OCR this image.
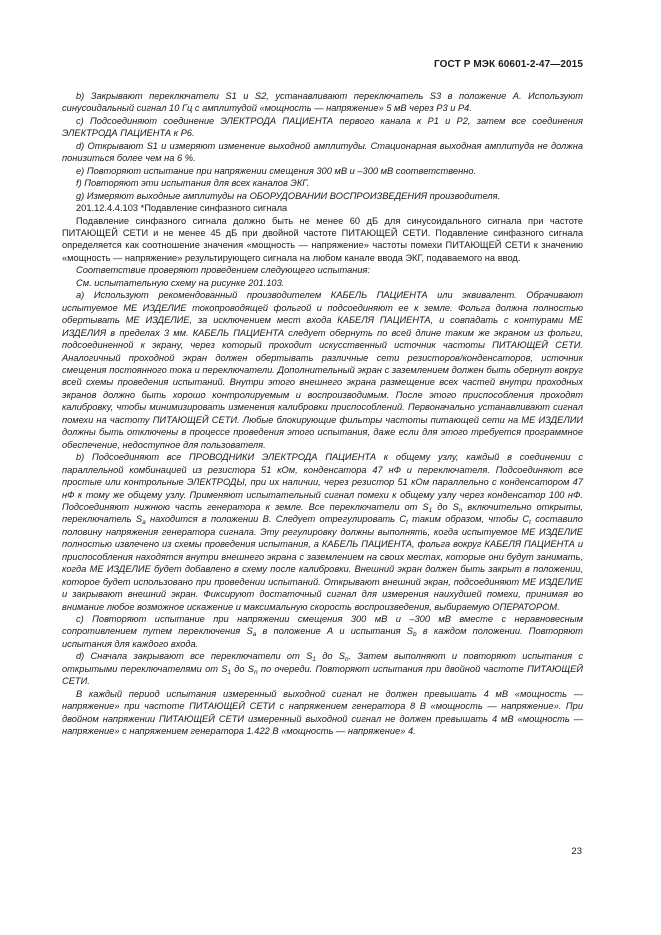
ГОСТ Р МЭК 60601-2-47—2015

b) Закрывают переключатели S1 и S2, устанавливают переключатель S3 в положение А. Используют синусоидальный сигнал 10 Гц с амплитудой «мощность — напряжение» 5 мВ через Р3 и Р4.

с) Подсоединяют соединение ЭЛЕКТРОДА ПАЦИЕНТА первого канала к Р1 и Р2, затем все соединения ЭЛЕКТРОДА ПАЦИЕНТА к Р6.

d) Открывают S1 и измеряют изменение выходной амплитуды. Стационарная выходная амплитуда не должна понизиться более чем на 6 %.

е) Повторяют испытание при напряжении смещения 300 мВ и –300 мВ соответственно.

f) Повторяют эти испытания для всех каналов ЭКГ.

g) Измеряют выходные амплитуды на ОБОРУДОВАНИИ ВОСПРОИЗВЕДЕНИЯ производителя.

201.12.4.4.103 *Подавление синфазного сигнала

Подавление синфазного сигнала должно быть не менее 60 дБ для синусоидального сигнала при частоте ПИТАЮЩЕЙ СЕТИ и не менее 45 дБ при двойной частоте ПИТАЮЩЕЙ СЕТИ. Подавление синфазного сигнала определяется как соотношение значения «мощность — напряжение» частоты помехи ПИТАЮЩЕЙ СЕТИ к значению «мощность — напряжение» результирующего сигнала на любом канале ввода ЭКГ, подаваемого на ввод.

Соответствие проверяют проведением следующего испытания:

См. испытательную схему на рисунке 201.103.

а) Используют рекомендованный производителем КАБЕЛЬ ПАЦИЕНТА или эквивалент. Обрачивают испытуемое МЕ ИЗДЕЛИЕ токопроводящей фольгой и подсоединяют ее к земле. Фольга должна полностью обертывать МЕ ИЗДЕЛИЕ, за исключением мест входа КАБЕЛЯ ПАЦИЕНТА, и совпадать с контурами МЕ ИЗДЕЛИЯ в пределах 3 мм. КАБЕЛЬ ПАЦИЕНТА следует обернуть по всей длине таким же экраном из фольги, подсоединенной к экрану, через который проходит искусственный источник частоты ПИТАЮЩЕЙ СЕТИ. Аналогичный проходной экран должен обертывать различные сети резисторов/конденсаторов, источник смещения постоянного тока и переключатели. Дополнительный экран с заземлением должен быть обернут вокруг всей схемы проведения испытаний. Внутри этого внешнего экрана размещение всех частей внутри проходных экранов должно быть хорошо контролируемым и воспроизводимым. После этого приспособления проходят калибровку, чтобы минимизировать изменения калибровки приспособлений. Первоначально устанавливают сигнал помехи на частоту ПИТАЮЩЕЙ СЕТИ. Любые блокирующие фильтры частоты питающей сети на МЕ ИЗДЕЛИИ должны быть отключены в процессе проведения этого испытания, даже если для этого требуется программное обеспечение, недоступное для пользователя.

b) Подсоединяют все ПРОВОДНИКИ ЭЛЕКТРОДА ПАЦИЕНТА к общему узлу, каждый в соединении с параллельной комбинацией из резистора 51 кОм, конденсатора 47 нФ и переключателя. Подсоединяют все простые или контрольные ЭЛЕКТРОДЫ, при их наличии, через резистор 51 кОм параллельно с конденсатором 47 нФ к тому же общему узлу. Применяют испытательный сигнал помехи к общему узлу через конденсатор 100 нФ. Подсоединяют нижнюю часть генератора к земле. Все переключатели от $S_1$ до $S_n$ включительно открыты, переключатель $S_a$ находится в положении В. Следует отрегулировать $С_t$ таким образом, чтобы $С_t$ составило половину напряжения генератора сигнала. Эту регулировку должны выполнять, когда испытуемое МЕ ИЗДЕЛИЕ полностью извлечено из схемы проведения испытания, а КАБЕЛЬ ПАЦИЕНТА, фольга вокруг КАБЕЛЯ ПАЦИЕНТА и приспособления находятся внутри внешнего экрана с заземлением на своих местах, которые они будут занимать, когда МЕ ИЗДЕЛИЕ будет добавлено в схему после калибровки. Внешний экран должен быть закрыт в положении, которое будет использовано при проведении испытаний. Открывают внешний экран, подсоединяют МЕ ИЗДЕЛИЕ и закрывают внешний экран. Фиксируют достаточный сигнал для измерения наихудшей помехи, принимая во внимание любое возможное искажение и максимальную скорость воспроизведения, выбираемую ОПЕРАТОРОМ.

с) Повторяют испытание при напряжении смещения 300 мВ и –300 мВ вместе с неравновесным сопротивлением путем переключения $S_a$ в положение А и испытания $S_b$ в каждом положении. Повторяют испытания для каждого входа.

d) Сначала закрывают все переключатели от $S_1$ до $S_n$. Затем выполняют и повторяют испытания с открытыми переключателями от $S_1$ до $S_n$ по очереди. Повторяют испытания при двойной частоте ПИТАЮЩЕЙ СЕТИ.

В каждый период испытания измеренный выходной сигнал не должен превышать 4 мВ «мощность — напряжение» при частоте ПИТАЮЩЕЙ СЕТИ с напряжением генератора 8 В «мощность — напряжение». При двойном напряжении ПИТАЮЩЕЙ СЕТИ измеренный выходной сигнал не должен превышать 4 мВ «мощность — напряжение» с напряжением генератора 1.422 В «мощность — напряжение» 4.

23
